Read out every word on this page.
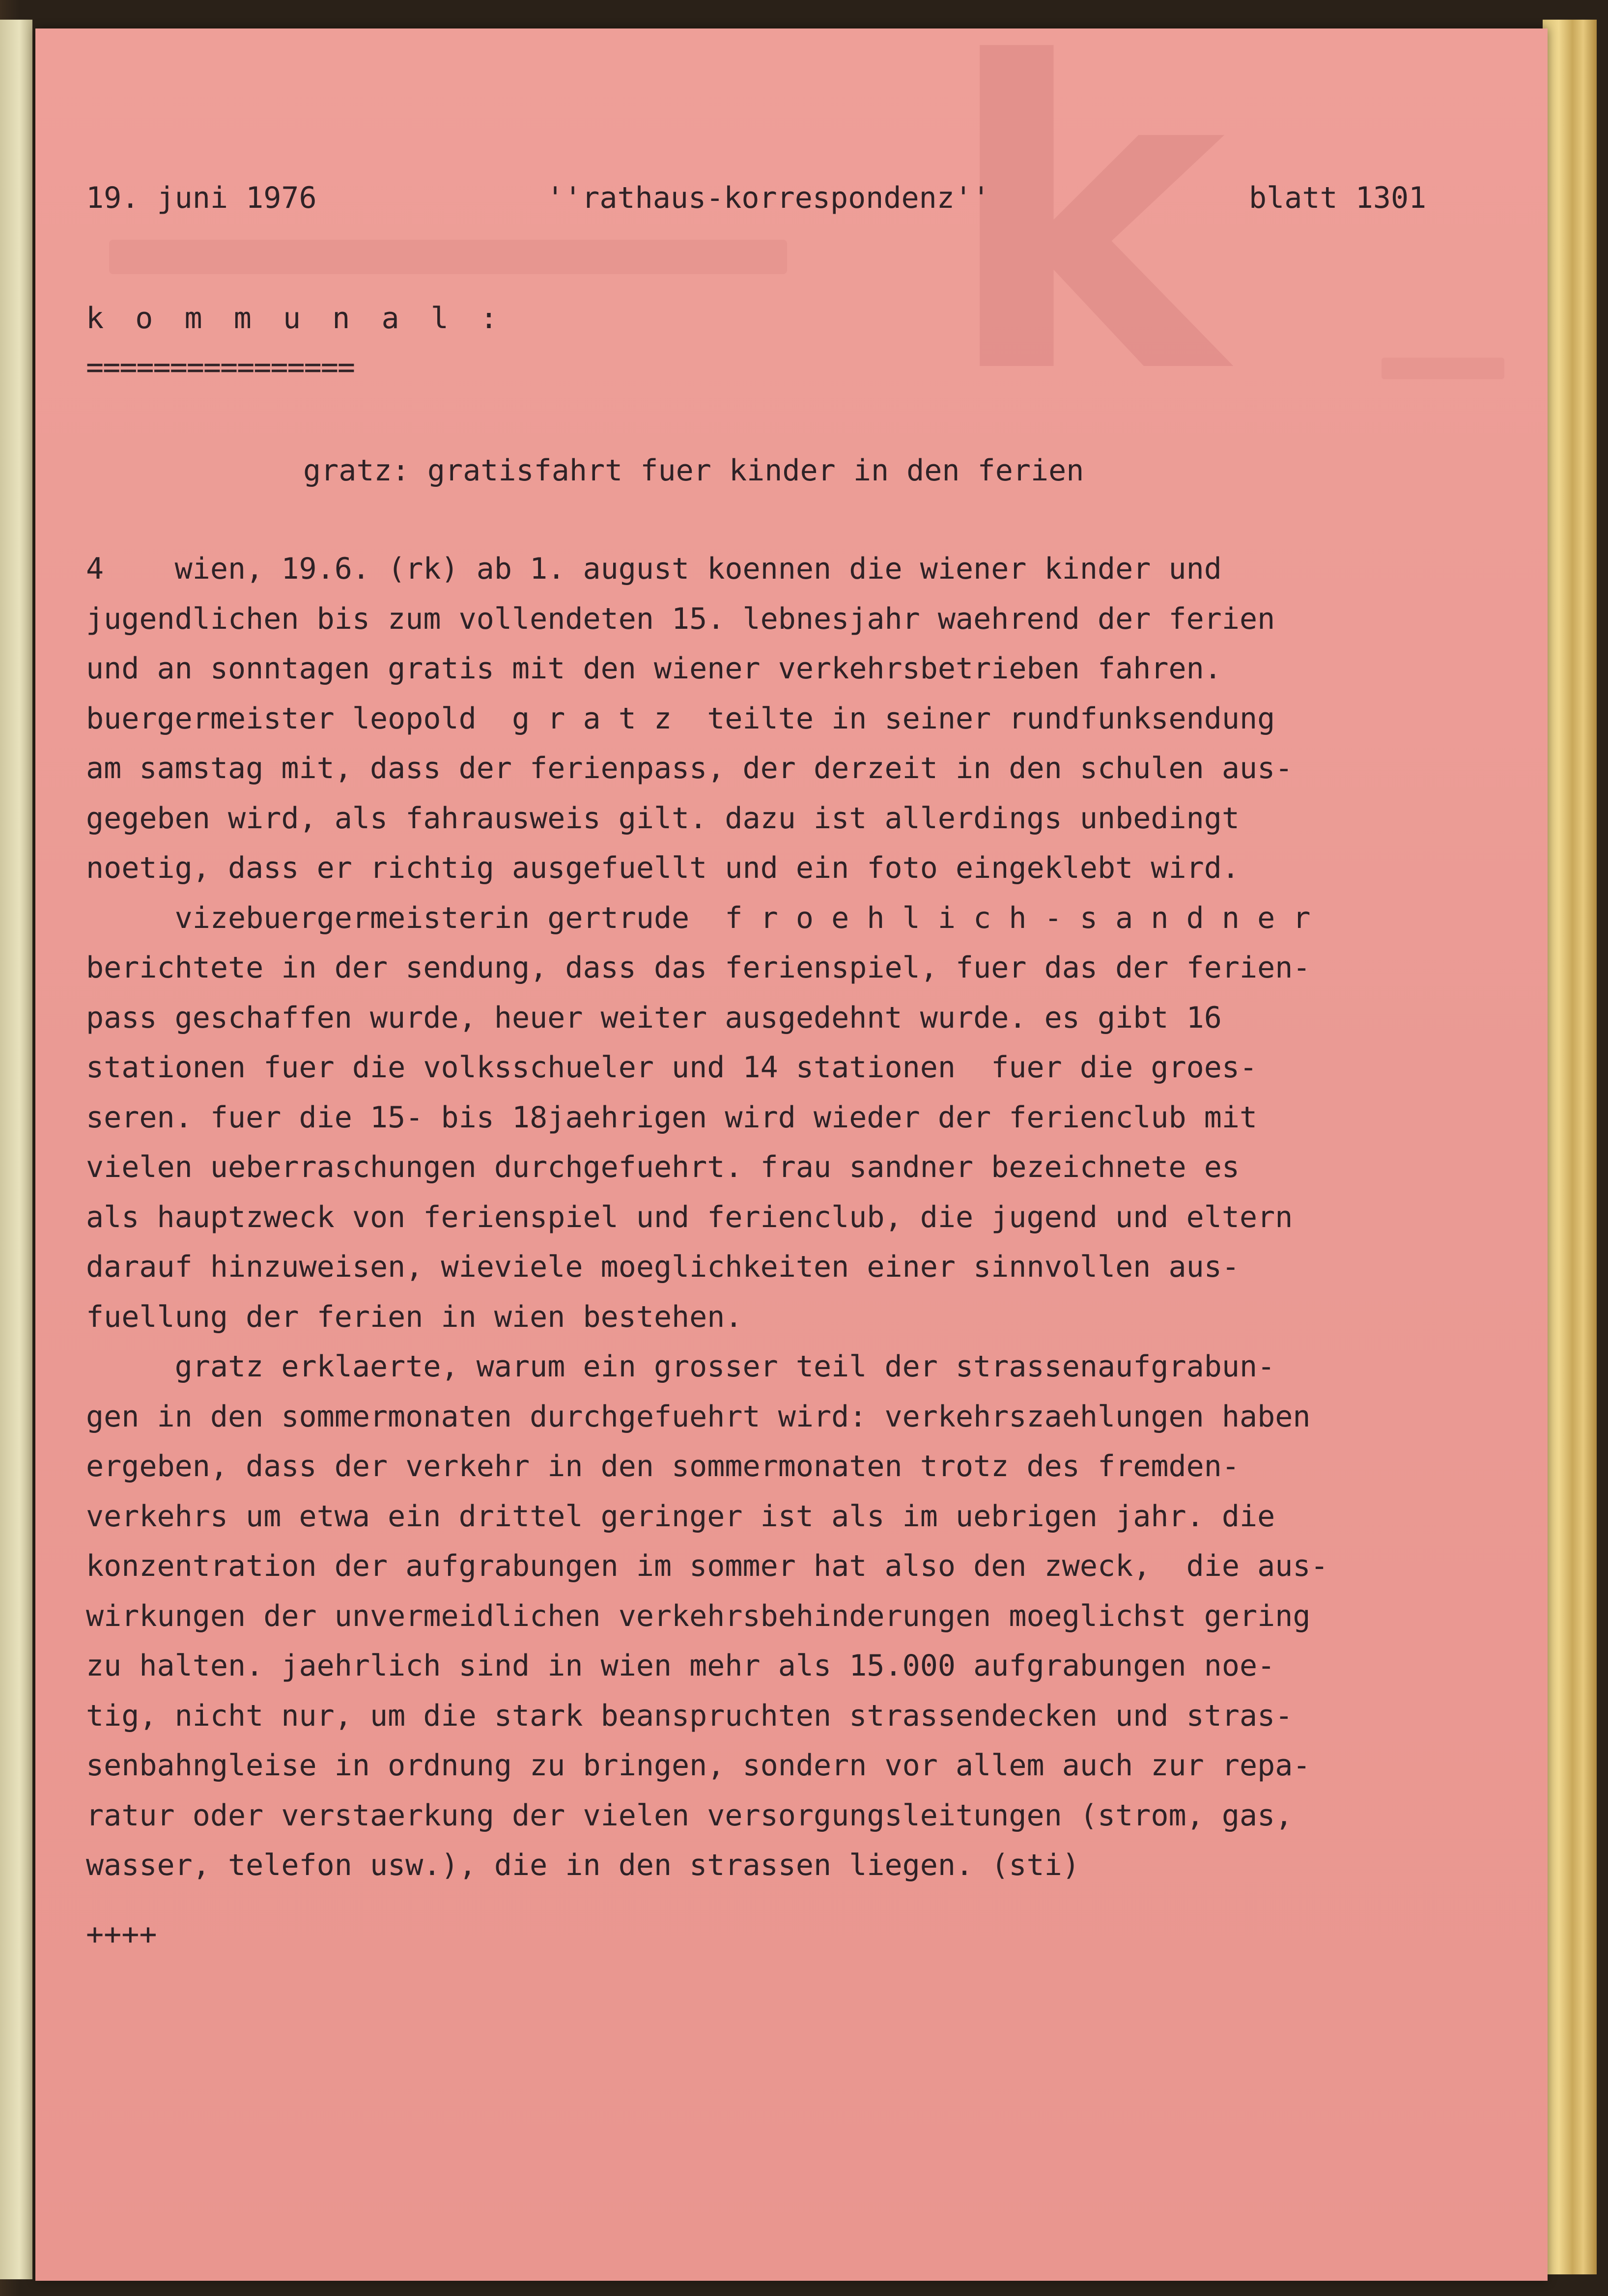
k
19. juni 1976	''rathaus-korrespondenz''	blatt 1301
k o m m u n a l :
================
gratz: gratisfahrt fuer kinder in den ferien
4    wien, 19.6. (rk) ab 1. august koennen die wiener kinder und
jugendlichen bis zum vollendeten 15. lebnesjahr waehrend der ferien
und an sonntagen gratis mit den wiener verkehrsbetrieben fahren.
buergermeister leopold  g r a t z  teilte in seiner rundfunksendung
am samstag mit, dass der ferienpass, der derzeit in den schulen aus-
gegeben wird, als fahrausweis gilt. dazu ist allerdings unbedingt
noetig, dass er richtig ausgefuellt und ein foto eingeklebt wird.
vizebuergermeisterin gertrude  f r o e h l i c h - s a n d n e r
berichtete in der sendung, dass das ferienspiel, fuer das der ferien-
pass geschaffen wurde, heuer weiter ausgedehnt wurde. es gibt 16
stationen fuer die volksschueler und 14 stationen  fuer die groes-
seren. fuer die 15- bis 18jaehrigen wird wieder der ferienclub mit
vielen ueberraschungen durchgefuehrt. frau sandner bezeichnete es
als hauptzweck von ferienspiel und ferienclub, die jugend und eltern
darauf hinzuweisen, wieviele moeglichkeiten einer sinnvollen aus-
fuellung der ferien in wien bestehen.
gratz erklaerte, warum ein grosser teil der strassenaufgrabun-
gen in den sommermonaten durchgefuehrt wird: verkehrszaehlungen haben
ergeben, dass der verkehr in den sommermonaten trotz des fremden-
verkehrs um etwa ein drittel geringer ist als im uebrigen jahr. die
konzentration der aufgrabungen im sommer hat also den zweck,  die aus-
wirkungen der unvermeidlichen verkehrsbehinderungen moeglichst gering
zu halten. jaehrlich sind in wien mehr als 15.000 aufgrabungen noe-
tig, nicht nur, um die stark beanspruchten strassendecken und stras-
senbahngleise in ordnung zu bringen, sondern vor allem auch zur repa-
ratur oder verstaerkung der vielen versorgungsleitungen (strom, gas,
wasser, telefon usw.), die in den strassen liegen. (sti)
++++
